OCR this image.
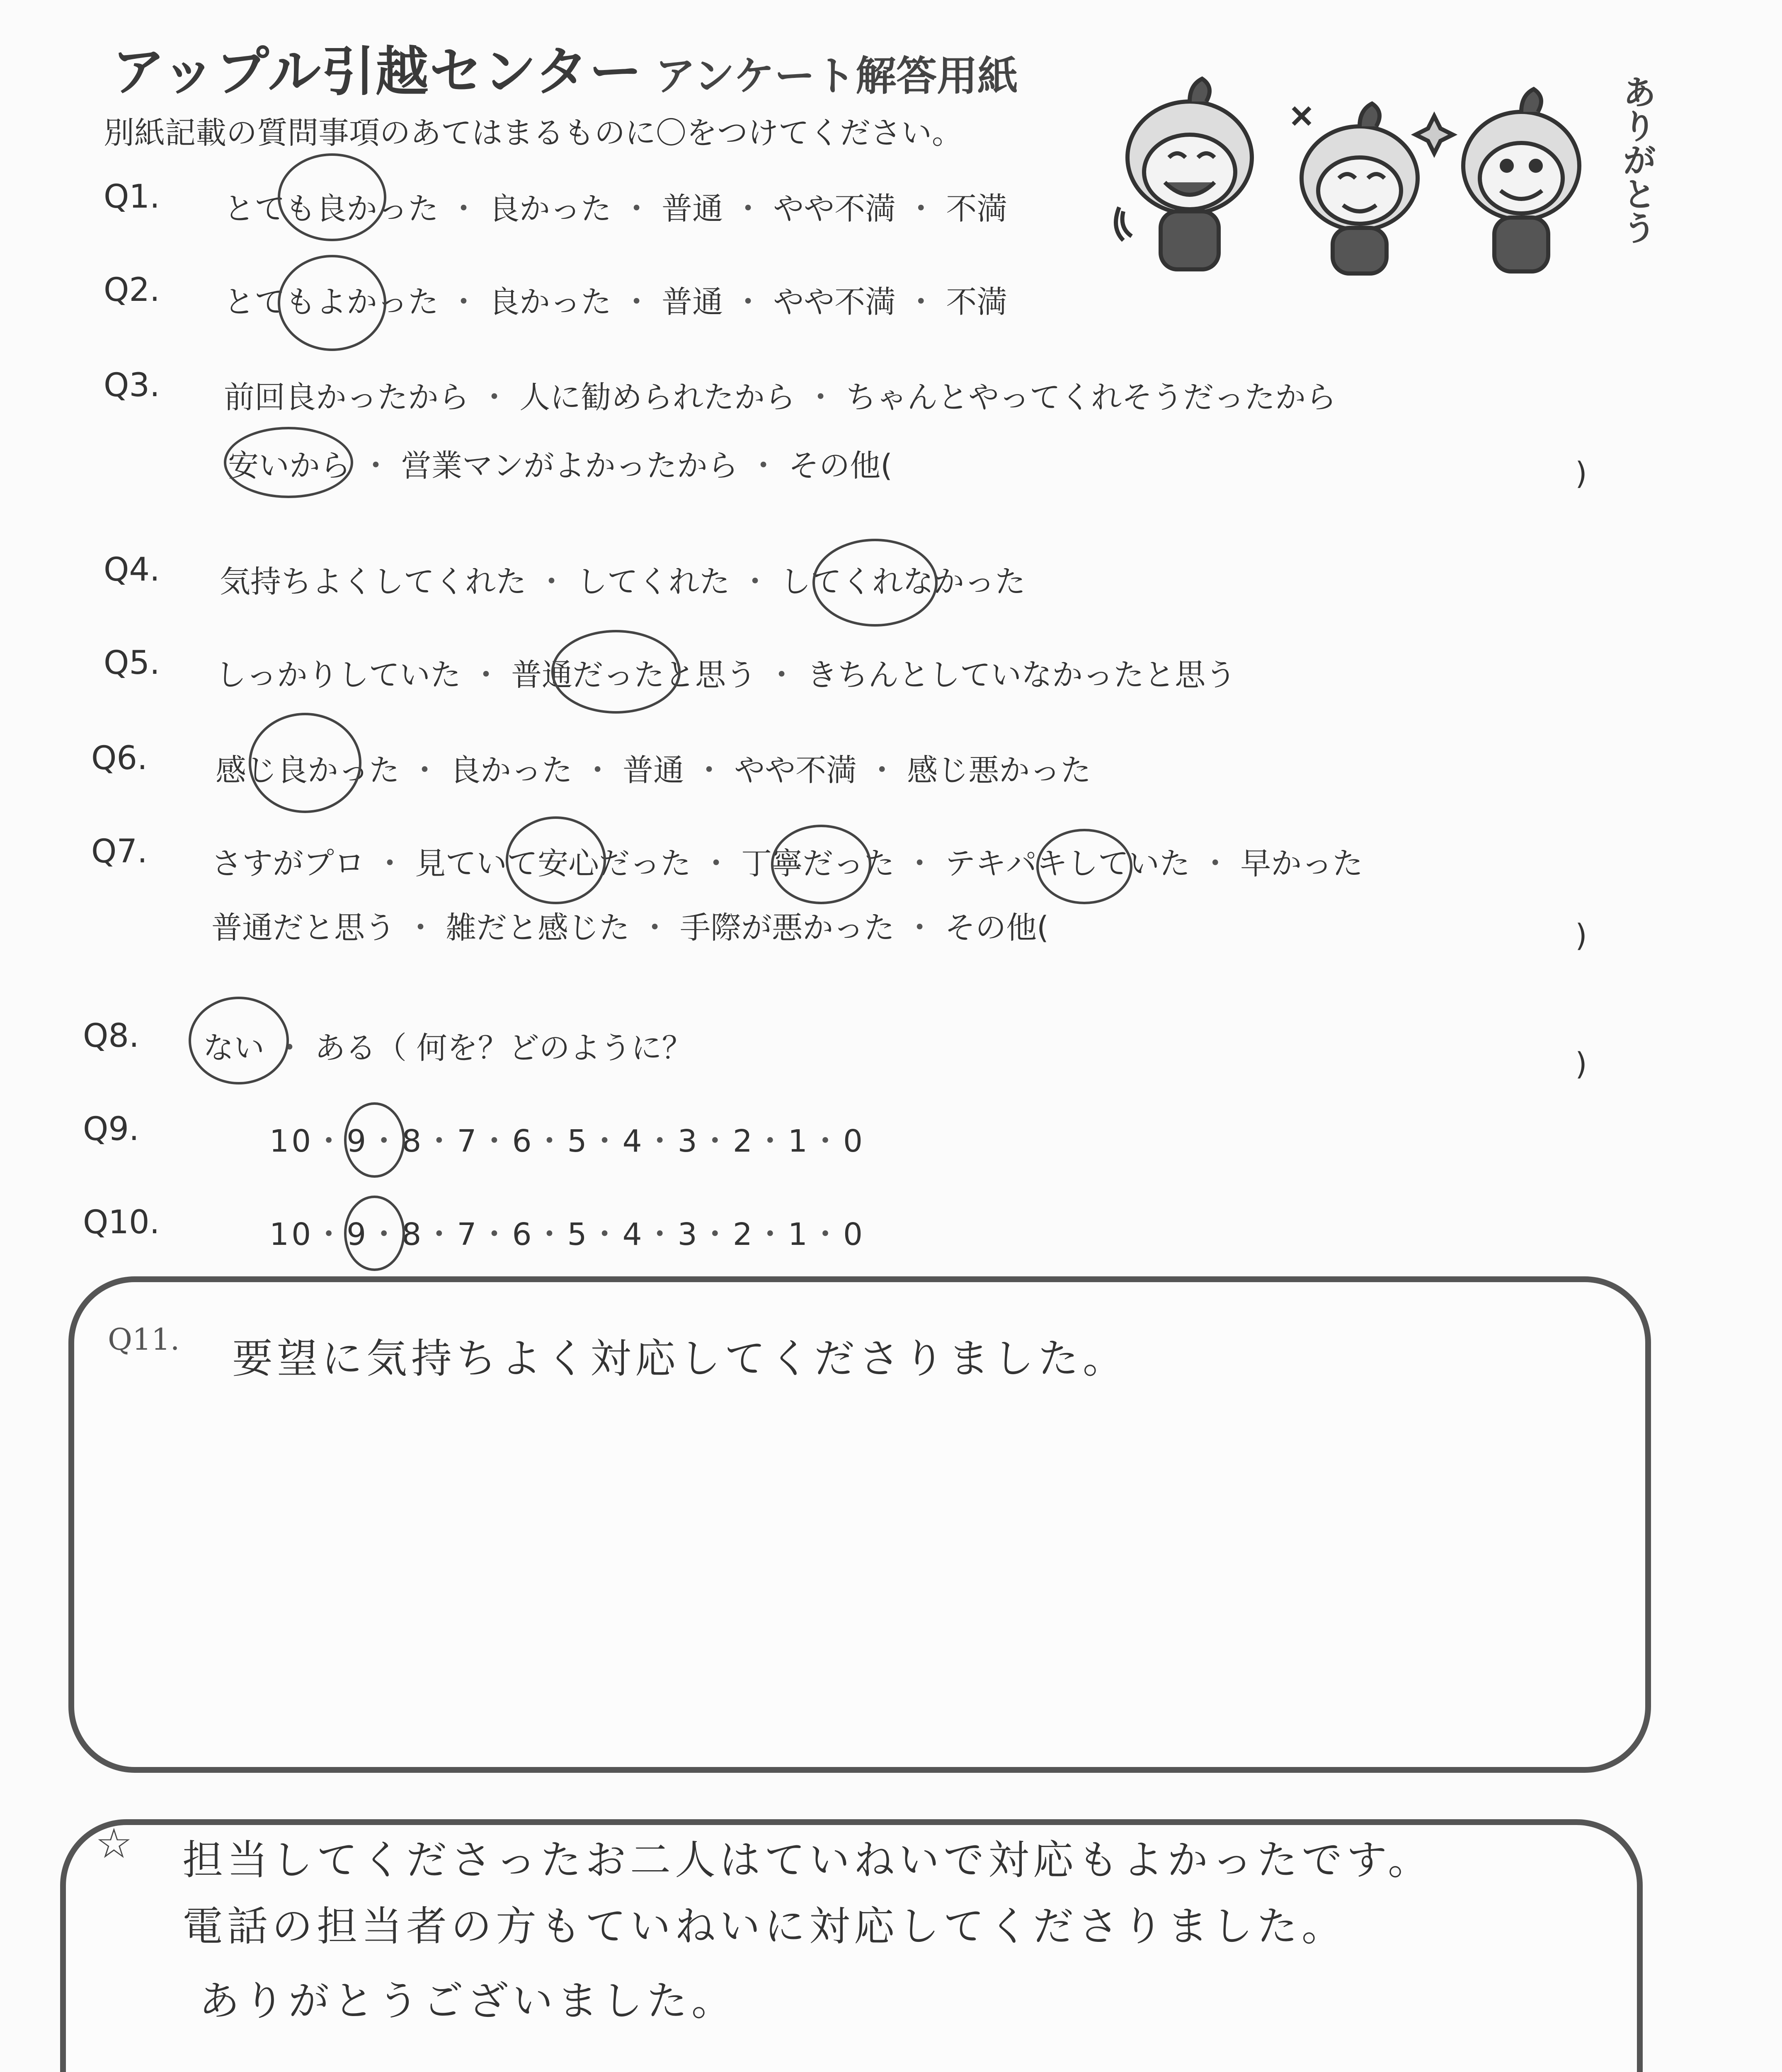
アップル引越センター アンケート解答用紙
別紙記載の質問事項のあてはまるものに〇をつけてください。	ありがとう
Q1. とても良かった ・ 良かった ・ 普通 ・ やや不満 ・ 不満
Q2. とてもよかった ・ 良かった ・ 普通 ・ やや不満 ・ 不満
Q3. 前回良かったから ・ 人に勧められたから ・ ちゃんとやってくれそうだったから
安いから ・ 営業マンがよかったから ・ その他(	)
Q4. 気持ちよくしてくれた ・ してくれた ・ してくれなかった
Q5. しっかりしていた ・ 普通だったと思う ・ きちんとしていなかったと思う
Q6. 感じ良かった ・ 良かった ・ 普通 ・ やや不満 ・ 感じ悪かった
Q7. さすがプロ ・ 見ていて安心だった ・ 丁寧だった ・ テキパキしていた ・ 早かった
普通だと思う ・ 雑だと感じた ・ 手際が悪かった ・ その他(	)
Q8. ない ・ ある（ 何を？どのように？	)
Q9.	10・9・8・7・6・5・4・3・2・1・0
Q10.	10・9・8・7・6・5・4・3・2・1・0
Q11. 要望に気持ちよく対応してくださりました。
☆ 担当してくださったお二人はていねいで対応もよかったです。
電話の担当者の方もていねいに対応してくださりました。
ありがとうございました。
